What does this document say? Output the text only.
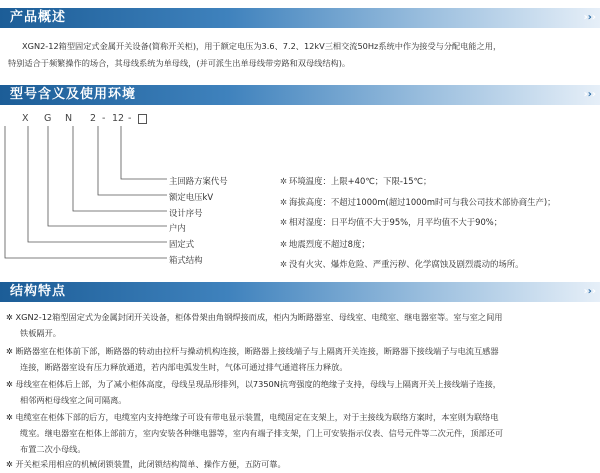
产品概述	›››
XGN2-12箱型固定式金属开关设备(简称开关柜)，用于额定电压为3.6、7.2、12kV三相交流50Hz系统中作为接受与分配电能之用，
特别适合于频繁操作的场合，其母线系统为单母线，(并可派生出单母线带旁路和双母线结构)。
型号含义及使用环境	›››
X G N 2 - 12 -
主回路方案代号
额定电压kV
设计序号
户内
固定式
箱式结构
✲ 环境温度：上限+40℃；下限-15℃；
✲ 海拔高度：不超过1000m(超过1000m时可与我公司技术部协商生产)；
✲ 相对湿度：日平均值不大于95%，月平均值不大于90%；
✲ 地震烈度不超过8度；
✲ 没有火灾、爆炸危险、严重污秽、化学腐蚀及剧烈震动的场所。
结构特点	›››
✲ XGN2-12箱型固定式为金属封闭开关设备，柜体骨架由角钢焊接而成，柜内为断路器室、母线室、电缆室、继电器室等。室与室之间用
铁板隔开。
✲ 断路器室在柜体前下部，断路器的转动由拉杆与操动机构连接，断路器上接线端子与上隔离开关连接，断路器下接线端子与电流互感器
连接，断路器室设有压力释放通道，若内部电弧发生时，气体可通过排气通道将压力释放。
✲ 母线室在柜体后上部，为了减小柜体高度，母线呈现品形排列，以7350N抗弯强度的绝缘子支持，母线与上隔离开关上接线端子连接，
相邻两柜母线室之间可隔离。
✲ 电缆室在柜体下部的后方，电缆室内支持绝缘子可设有带电显示装置，电缆固定在支架上，对于主接线为联络方案时，本室则为联络电
缆室。继电器室在柜体上部前方，室内安装各种继电器等，室内有端子排支架，门上可安装指示仪表、信号元件等二次元件，顶部还可
布置二次小母线。
✲ 开关柜采用相应的机械闭锁装置，此闭锁结构简单、操作方便，五防可靠。
